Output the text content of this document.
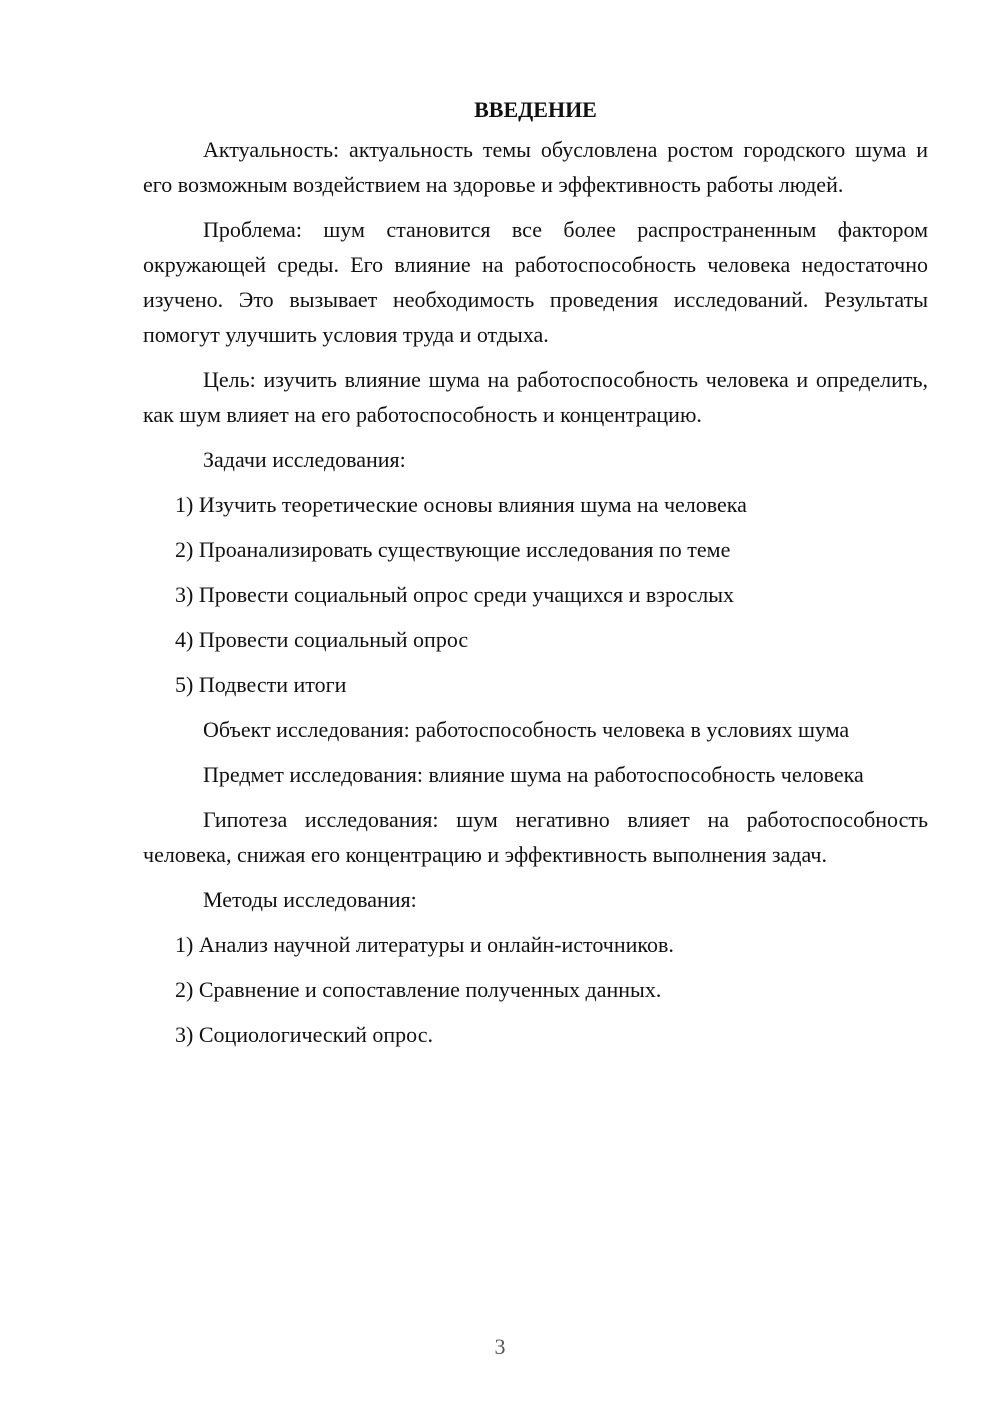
ВВЕДЕНИЕ
Актуальность: актуальность темы обусловлена ростом городского шума и его возможным воздействием на здоровье и эффективность работы людей.
Проблема: шум становится все более распространенным фактором окружающей среды. Его влияние на работоспособность человека недостаточно изучено. Это вызывает необходимость проведения исследований. Результаты помогут улучшить условия труда и отдыха.
Цель: изучить влияние шума на работоспособность человека и определить, как шум влияет на его работоспособность и концентрацию.
Задачи исследования:
1) Изучить теоретические основы влияния шума на человека
2) Проанализировать существующие исследования по теме
3) Провести социальный опрос среди учащихся и взрослых
4) Провести социальный опрос
5) Подвести итоги
Объект исследования: работоспособность человека в условиях шума
Предмет исследования: влияние шума на работоспособность человека
Гипотеза исследования: шум негативно влияет на работоспособность человека, снижая его концентрацию и эффективность выполнения задач.
Методы исследования:
1) Анализ научной литературы и онлайн-источников.
2) Сравнение и сопоставление полученных данных.
3) Социологический опрос.
3
